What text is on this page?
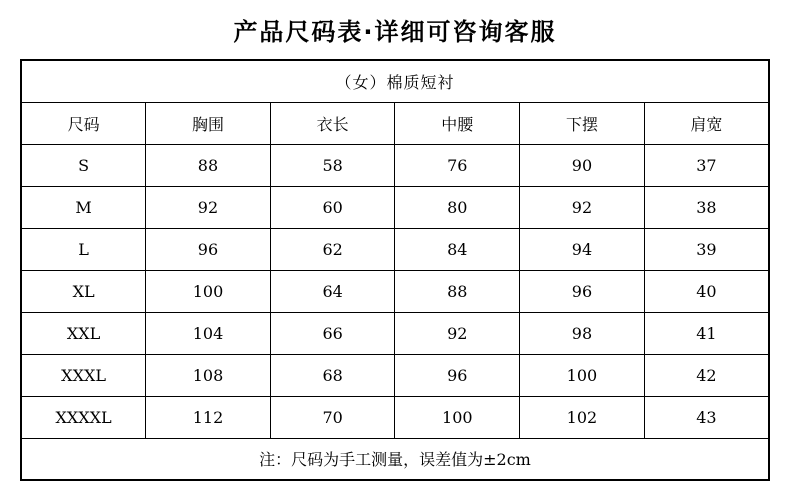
产品尺码表·详细可咨询客服
（女）棉质短衬					
尺码	胸围	衣长	中腰	下摆	肩宽
S	88	58	76	90	37
M	92	60	80	92	38
L	96	62	84	94	39
XL	100	64	88	96	40
XXL	104	66	92	98	41
XXXL	108	68	96	100	42
XXXXL	112	70	100	102	43
注：尺码为手工测量，误差值为±2cm					
